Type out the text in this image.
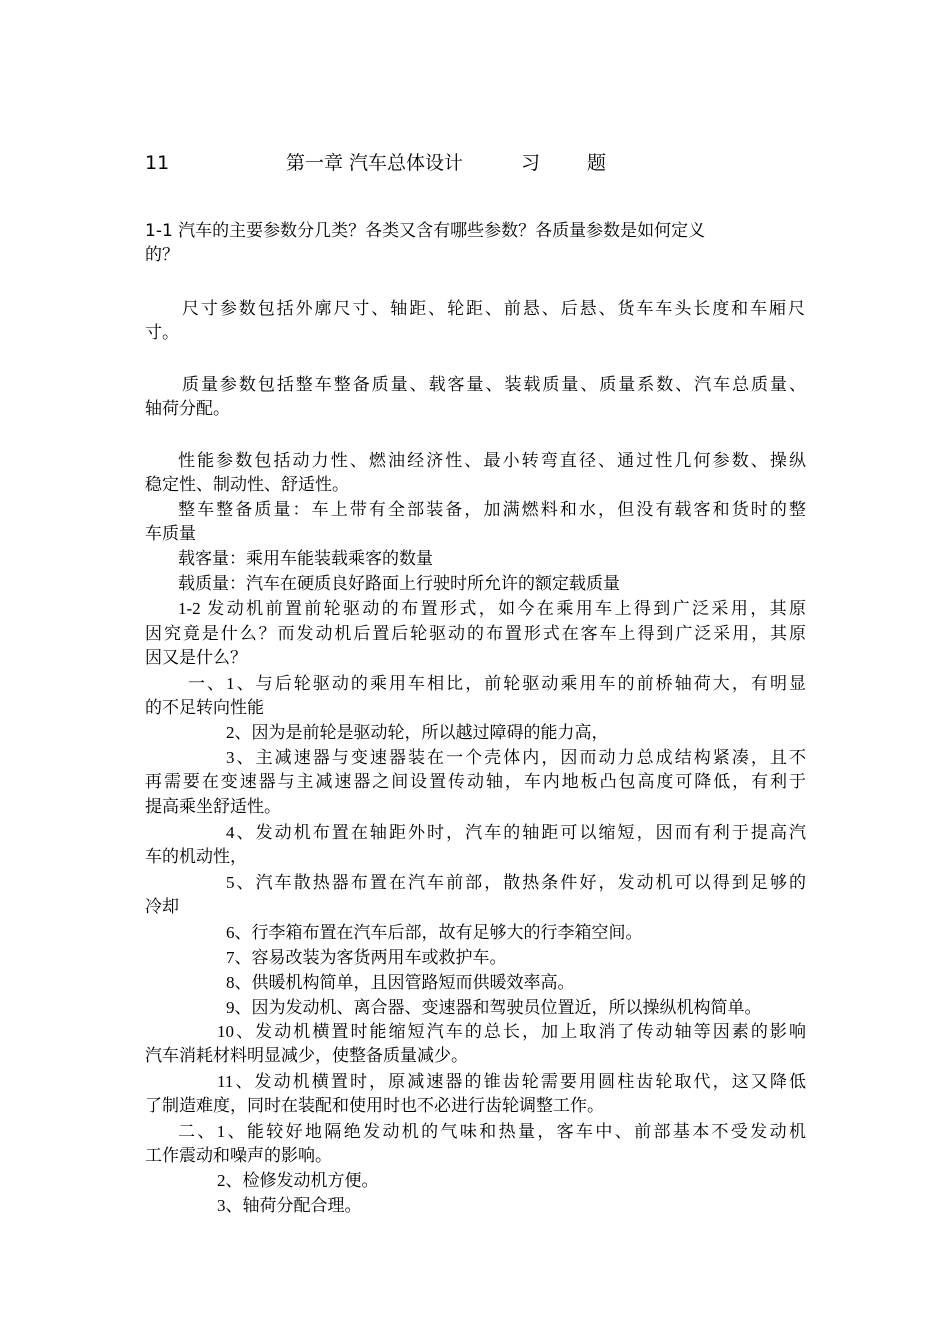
11	第一章 汽车总体设计	习 题
1-1 汽车的主要参数分几类？各类又含有哪些参数？各质量参数是如何定义
的？
尺寸参数包括外廓尺寸、轴距、轮距、前悬、后悬、货车车头长度和车厢尺
寸。
质量参数包括整车整备质量、载客量、装载质量、质量系数、汽车总质量、
轴荷分配。
性能参数包括动力性、燃油经济性、最小转弯直径、通过性几何参数、操纵
稳定性、制动性、舒适性。
整车整备质量：车上带有全部装备，加满燃料和水，但没有载客和货时的整
车质量
载客量：乘用车能装载乘客的数量
载质量：汽车在硬质良好路面上行驶时所允许的额定载质量
1-2 发动机前置前轮驱动的布置形式，如今在乘用车上得到广泛采用，其原
因究竟是什么？而发动机后置后轮驱动的布置形式在客车上得到广泛采用，其原
因又是什么？
一、1、与后轮驱动的乘用车相比，前轮驱动乘用车的前桥轴荷大，有明显
的不足转向性能
2、因为是前轮是驱动轮，所以越过障碍的能力高，
3、主减速器与变速器装在一个壳体内，因而动力总成结构紧凑，且不
再需要在变速器与主减速器之间设置传动轴，车内地板凸包高度可降低，有利于
提高乘坐舒适性。
4、发动机布置在轴距外时，汽车的轴距可以缩短，因而有利于提高汽
车的机动性，
5、汽车散热器布置在汽车前部，散热条件好，发动机可以得到足够的
冷却
6、行李箱布置在汽车后部，故有足够大的行李箱空间。
7、容易改装为客货两用车或救护车。
8、供暖机构简单，且因管路短而供暖效率高。
9、因为发动机、离合器、变速器和驾驶员位置近，所以操纵机构简单。
10、发动机横置时能缩短汽车的总长，加上取消了传动轴等因素的影响
汽车消耗材料明显减少，使整备质量减少。
11、发动机横置时，原减速器的锥齿轮需要用圆柱齿轮取代，这又降低
了制造难度，同时在装配和使用时也不必进行齿轮调整工作。
二、1、能较好地隔绝发动机的气味和热量，客车中、前部基本不受发动机
工作震动和噪声的影响。
2、检修发动机方便。
3、轴荷分配合理。
